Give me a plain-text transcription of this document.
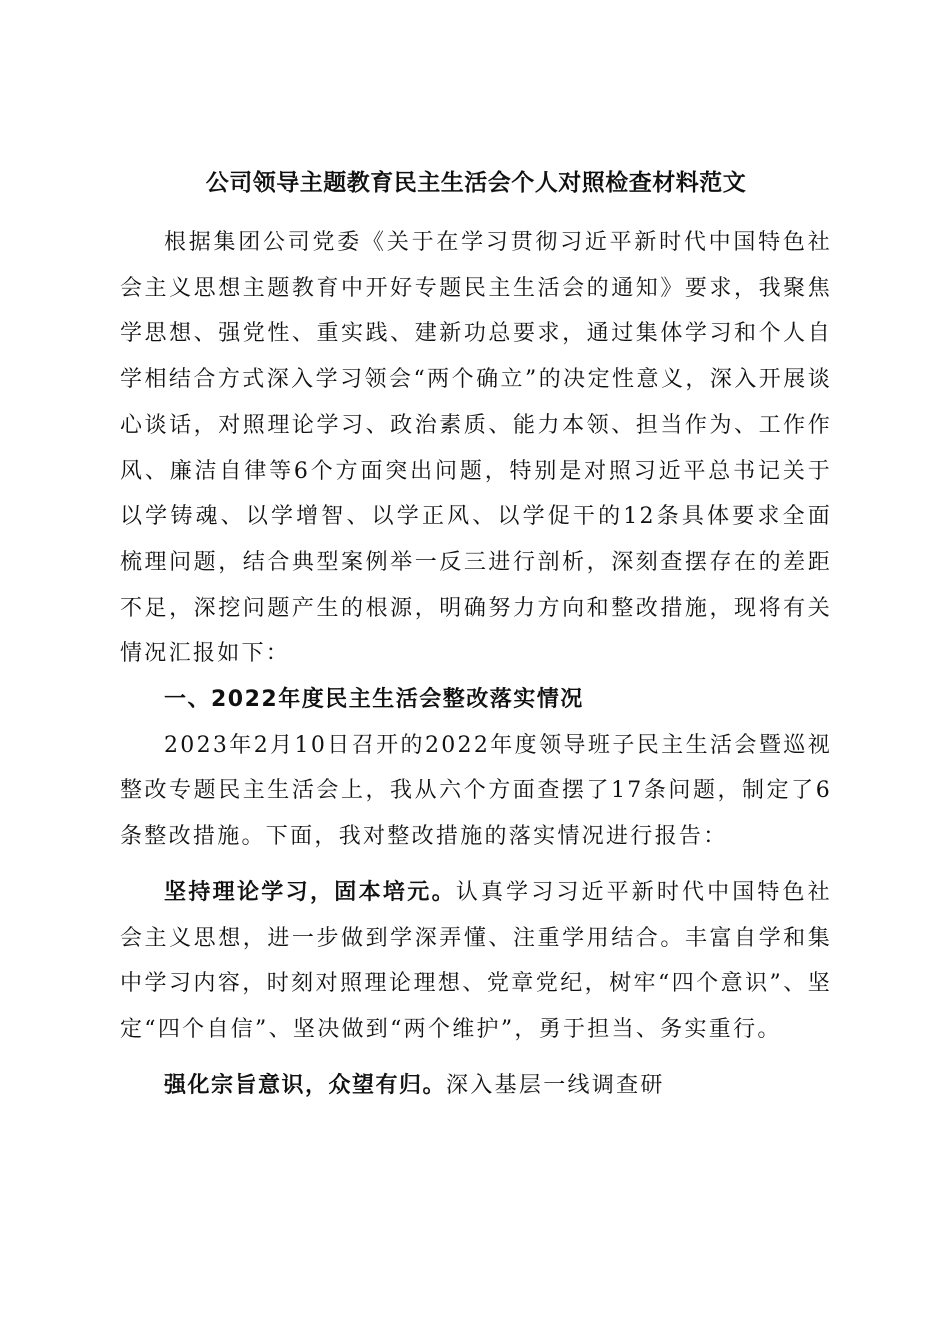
公司领导主题教育民主生活会个人对照检查材料范文

根据集团公司党委《关于在学习贯彻习近平新时代中国特色社会主义思想主题教育中开好专题民主生活会的通知》要求，我聚焦学思想、强党性、重实践、建新功总要求，通过集体学习和个人自学相结合方式深入学习领会“两个确立”的决定性意义，深入开展谈心谈话，对照理论学习、政治素质、能力本领、担当作为、工作作风、廉洁自律等6个方面突出问题，特别是对照习近平总书记关于以学铸魂、以学增智、以学正风、以学促干的12条具体要求全面梳理问题，结合典型案例举一反三进行剖析，深刻查摆存在的差距不足，深挖问题产生的根源，明确努力方向和整改措施，现将有关情况汇报如下：

一、2022年度民主生活会整改落实情况

2023年2月10日召开的2022年度领导班子民主生活会暨巡视整改专题民主生活会上，我从六个方面查摆了17条问题，制定了6条整改措施。下面，我对整改措施的落实情况进行报告：

坚持理论学习，固本培元。认真学习习近平新时代中国特色社会主义思想，进一步做到学深弄懂、注重学用结合。丰富自学和集中学习内容，时刻对照理论理想、党章党纪，树牢“四个意识”、坚定“四个自信”、坚决做到“两个维护”，勇于担当、务实重行。

强化宗旨意识，众望有归。深入基层一线调查研
